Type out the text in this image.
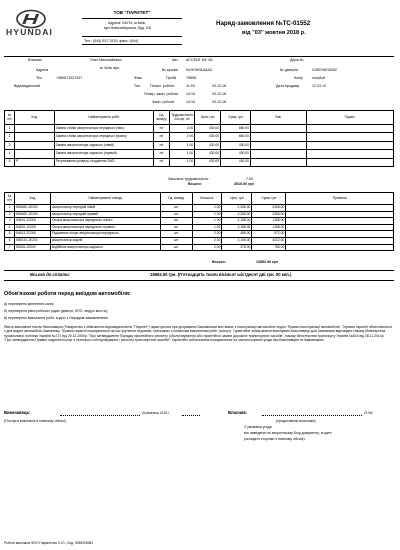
HYUNDAI
ТОВ "ПАРИТЕТ"
Адреса: 04074, м.Київ,
вул.Новозабарська, буд. 2/6
Тел.: (044) 537 2515, факс: (044)
Наряд-замовлення №ТС-01552
від "03" жовтня 2018 р.
Власник	Олег Миколайович
Адреса	м. Київ, вул.
Тел	+380673327947	Факс
Відповідальний	Тел.
Авт. ACCENT MC 06-
№ кузова NLHCM41AAAZ
Пробіг	76898
Початі. роботи	11:03	03.10.18
Попер. закін. роботи 14:15	03.10.18
Закін. роботи	14:10	03.10.18
Держ.№
№ двигуна	G4EE9W16352
Колір	голубой
Дата продажу	12.03.10
№ п/п	Код	Найменування робіт	Од. виміру	Трудомісткість послуг, н/г	Ціна, грн	Сума, грн	Вик	Підпис
1		Заміна стійки амортизатора передньої (ліво)	н/г	2.00	430.00	860.00		
2		Заміна стійки амортизатора передньої (право)	н/г	2.00	430.00	860.00		
3		Заміна амортизатора заднього (лівий)	н/г	1.00	430.00	430.00		
4		Заміна амортизатора заднього (правий)	н/г	1.00	430.00	430.00		
5	Р	Регулювання розвалу-сходження 2WD	н/г	1.00	430.00	430.00		
Загальна трудомісткість:	7.00
Всього:	3010.00 грн
№ п/п	Код	Найменування товару	Од. виміру	Кількість	Ціна, грн	Сума, грн	Примітка
1	554660-1E200	Амортизатор передній лівий	шт	1.00	2,266.00	2266.00	
2	554660-1E200	Амортизатор передній правий	шт	1.00	2,266.00	2266.00	
3	54610-1G000	Опора амортизатора переднього лівого	шт	1.00	1,188.00	1188.00	
4	54610-1G000	Опора амортизатора переднього правого	шт	1.00	1,188.00	1188.00	
5	54612-2C000	Підшипник опори амортизатора переднього	шт	2.00	486.00	972.00	
6	555310-1E200	Амортизатор задній	шт	2.00	2,106.00	4212.00	
7	55326-1E000	Відбійник амортизатора заднього	шт	2.00	378.00	756.00	
Всього:	12852.00 грн
Всього до сплати:	15862.00 грн. (П'ятнадцять тисяч вісімсот шістдесят дві грн. 00 коп.)
Обов'язкові роботи перед виїздом автомобіля:
а) перевірено кріплення коліс;
б) перевірено рівні робочих рідин (двигун, КПП, ведучі мости);
в) перевірено виконання робіт згідно з Нарядом-замовленням
Якість виконання послуг Виконавцем (Товариство з обмеженою відповідальністю "Паритет") гарантується при дотриманні Замовником всіх вимог з експлуатації автомобіля згідно "Правил експлуатації автомобілів". Терміни гарантії обчислюються з дня видачі автомобіля Замовнику. Терміни гарантії поширюються на час усунення недоліків, пов'язаних з неякісним виконанням робіт (послуг). Гарантійне зобов'язання виконувати Виконавець для Замовника відповідно Наказу Міністерства промислової політики України №727 від 29.12.2004р. "Про затвердження Порядку гарантійного ремонту (обслуговування) або гарантійної заміни дорожніх транспортних засобів", наказу Міністерства транспорту України №615 від 28.11.2014р. "Про затвердження Правил надання послуг з технічного обслуговування і ремонту транспортних засобів". Гарантійні зобов'язання поширюються на частині окремої угоди між Виконавцем та Замовником.
Виконавець:	(Ісаченко И.В./
(Послуги виконала в повному обсязі)
Власник:	О.М/
(представник власника)
З умовами угоди
він наведена на зворотньому боці документу, згоден
(складені сторінки з повному обсязі).
Роботи виконала ФОП Гавриленко С.Ю., Код: 3095206081
